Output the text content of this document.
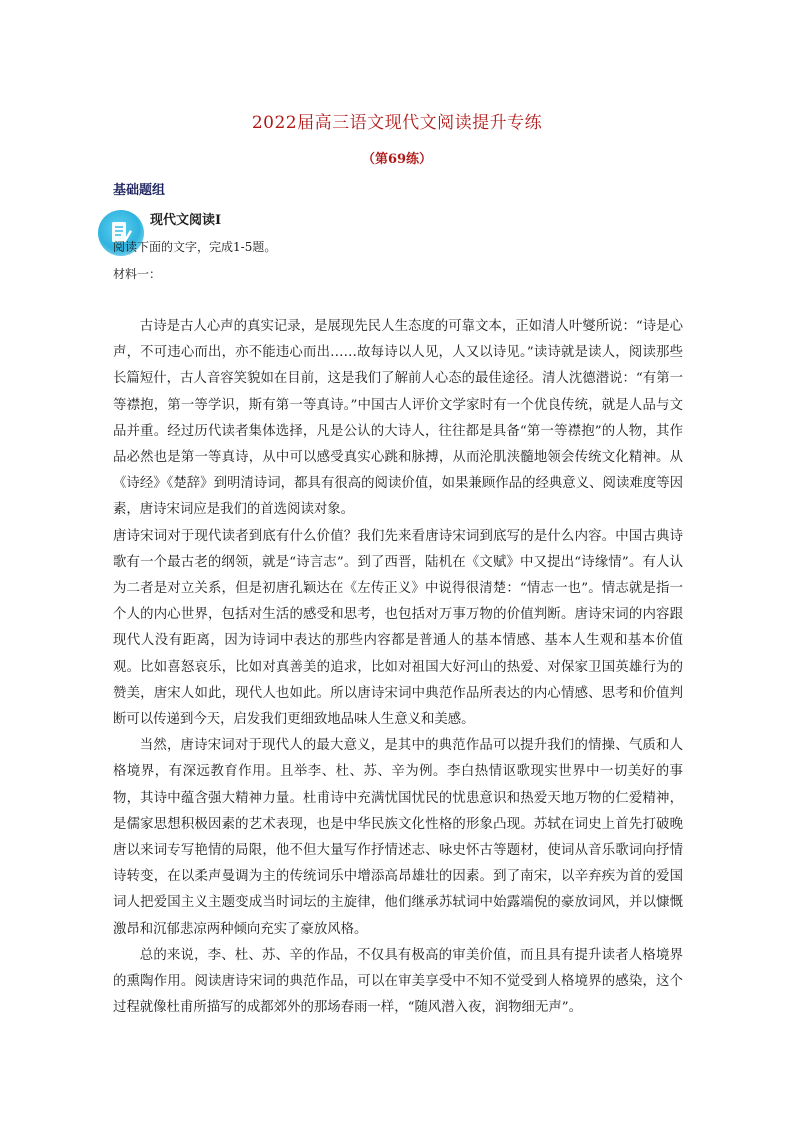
2022届高三语文现代文阅读提升专练
（第69练）
基础题组
现代文阅读Ⅰ
阅读下面的文字，完成1-5题。
材料一：

古诗是古人心声的真实记录，是展现先民人生态度的可靠文本，正如清人叶燮所说：“诗是心声，不可违心而出，亦不能违心而出……故每诗以人见，人又以诗见。”读诗就是读人，阅读那些长篇短什，古人音容笑貌如在目前，这是我们了解前人心态的最佳途径。清人沈德潜说：“有第一等襟抱，第一等学识，斯有第一等真诗。”中国古人评价文学家时有一个优良传统，就是人品与文品并重。经过历代读者集体选择，凡是公认的大诗人，往往都是具备“第一等襟抱”的人物，其作品必然也是第一等真诗，从中可以感受真实心跳和脉搏，从而沦肌浃髓地领会传统文化精神。从《诗经》《楚辞》到明清诗词，都具有很高的阅读价值，如果兼顾作品的经典意义、阅读难度等因素，唐诗宋词应是我们的首选阅读对象。

唐诗宋词对于现代读者到底有什么价值？我们先来看唐诗宋词到底写的是什么内容。中国古典诗歌有一个最古老的纲领，就是“诗言志”。到了西晋，陆机在《文赋》中又提出“诗缘情”。有人认为二者是对立关系，但是初唐孔颖达在《左传正义》中说得很清楚：“情志一也”。情志就是指一个人的内心世界，包括对生活的感受和思考，也包括对万事万物的价值判断。唐诗宋词的内容跟现代人没有距离，因为诗词中表达的那些内容都是普通人的基本情感、基本人生观和基本价值观。比如喜怒哀乐，比如对真善美的追求，比如对祖国大好河山的热爱、对保家卫国英雄行为的赞美，唐宋人如此，现代人也如此。所以唐诗宋词中典范作品所表达的内心情感、思考和价值判断可以传递到今天，启发我们更细致地品味人生意义和美感。

当然，唐诗宋词对于现代人的最大意义，是其中的典范作品可以提升我们的情操、气质和人格境界，有深远教育作用。且举李、杜、苏、辛为例。李白热情讴歌现实世界中一切美好的事物，其诗中蕴含强大精神力量。杜甫诗中充满忧国忧民的忧患意识和热爱天地万物的仁爱精神，是儒家思想积极因素的艺术表现，也是中华民族文化性格的形象凸现。苏轼在词史上首先打破晚唐以来词专写艳情的局限，他不但大量写作抒情述志、咏史怀古等题材，使词从音乐歌词向抒情诗转变，在以柔声曼调为主的传统词乐中增添高昂雄壮的因素。到了南宋，以辛弃疾为首的爱国词人把爱国主义主题变成当时词坛的主旋律，他们继承苏轼词中始露端倪的豪放词风，并以慷慨激昂和沉郁悲凉两种倾向充实了豪放风格。

总的来说，李、杜、苏、辛的作品，不仅具有极高的审美价值，而且具有提升读者人格境界的熏陶作用。阅读唐诗宋词的典范作品，可以在审美享受中不知不觉受到人格境界的感染，这个过程就像杜甫所描写的成都郊外的那场春雨一样，“随风潜入夜，润物细无声”。
